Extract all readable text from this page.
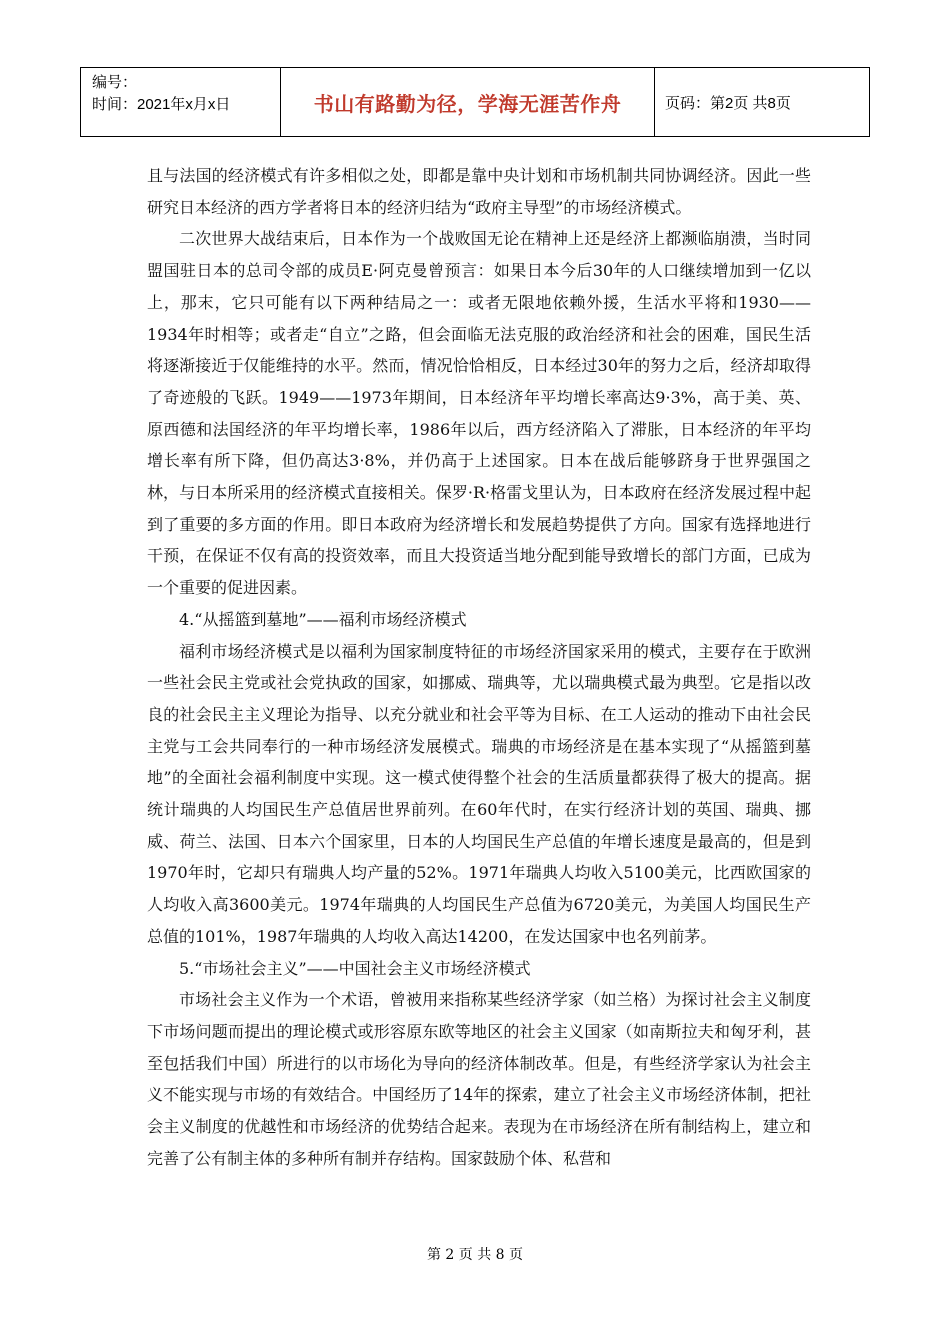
编号：
时间：2021年x月x日	书山有路勤为径，学海无涯苦作舟	页码：第2页 共8页

且与法国的经济模式有许多相似之处，即都是靠中央计划和市场机制共同协调经济。因此一些研究日本经济的西方学者将日本的经济归结为“政府主导型”的市场经济模式。

二次世界大战结束后，日本作为一个战败国无论在精神上还是经济上都濒临崩溃，当时同盟国驻日本的总司令部的成员E·阿克曼曾预言：如果日本今后30年的人口继续增加到一亿以上，那末，它只可能有以下两种结局之一：或者无限地依赖外援，生活水平将和1930——1934年时相等；或者走“自立”之路，但会面临无法克服的政治经济和社会的困难，国民生活将逐渐接近于仅能维持的水平。然而，情况恰恰相反，日本经过30年的努力之后，经济却取得了奇迹般的飞跃。1949——1973年期间，日本经济年平均增长率高达9·3%，高于美、英、原西德和法国经济的年平均增长率，1986年以后，西方经济陷入了滞胀，日本经济的年平均增长率有所下降，但仍高达3·8%，并仍高于上述国家。日本在战后能够跻身于世界强国之林，与日本所采用的经济模式直接相关。保罗·R·格雷戈里认为，日本政府在经济发展过程中起到了重要的多方面的作用。即日本政府为经济增长和发展趋势提供了方向。国家有选择地进行干预，在保证不仅有高的投资效率，而且大投资适当地分配到能导致增长的部门方面，已成为一个重要的促进因素。

4.“从摇篮到墓地”——福利市场经济模式

福利市场经济模式是以福利为国家制度特征的市场经济国家采用的模式，主要存在于欧洲一些社会民主党或社会党执政的国家，如挪威、瑞典等，尤以瑞典模式最为典型。它是指以改良的社会民主主义理论为指导、以充分就业和社会平等为目标、在工人运动的推动下由社会民主党与工会共同奉行的一种市场经济发展模式。瑞典的市场经济是在基本实现了“从摇篮到墓地”的全面社会福利制度中实现。这一模式使得整个社会的生活质量都获得了极大的提高。据统计瑞典的人均国民生产总值居世界前列。在60年代时，在实行经济计划的英国、瑞典、挪威、荷兰、法国、日本六个国家里，日本的人均国民生产总值的年增长速度是最高的，但是到1970年时，它却只有瑞典人均产量的52%。1971年瑞典人均收入5100美元，比西欧国家的人均收入高3600美元。1974年瑞典的人均国民生产总值为6720美元，为美国人均国民生产总值的101%，1987年瑞典的人均收入高达14200，在发达国家中也名列前茅。

5.“市场社会主义”——中国社会主义市场经济模式

市场社会主义作为一个术语，曾被用来指称某些经济学家（如兰格）为探讨社会主义制度下市场问题而提出的理论模式或形容原东欧等地区的社会主义国家（如南斯拉夫和匈牙利，甚至包括我们中国）所进行的以市场化为导向的经济体制改革。但是，有些经济学家认为社会主义不能实现与市场的有效结合。中国经历了14年的探索，建立了社会主义市场经济体制，把社会主义制度的优越性和市场经济的优势结合起来。表现为在市场经济在所有制结构上，建立和完善了公有制主体的多种所有制并存结构。国家鼓励个体、私营和

第 2 页 共 8 页
